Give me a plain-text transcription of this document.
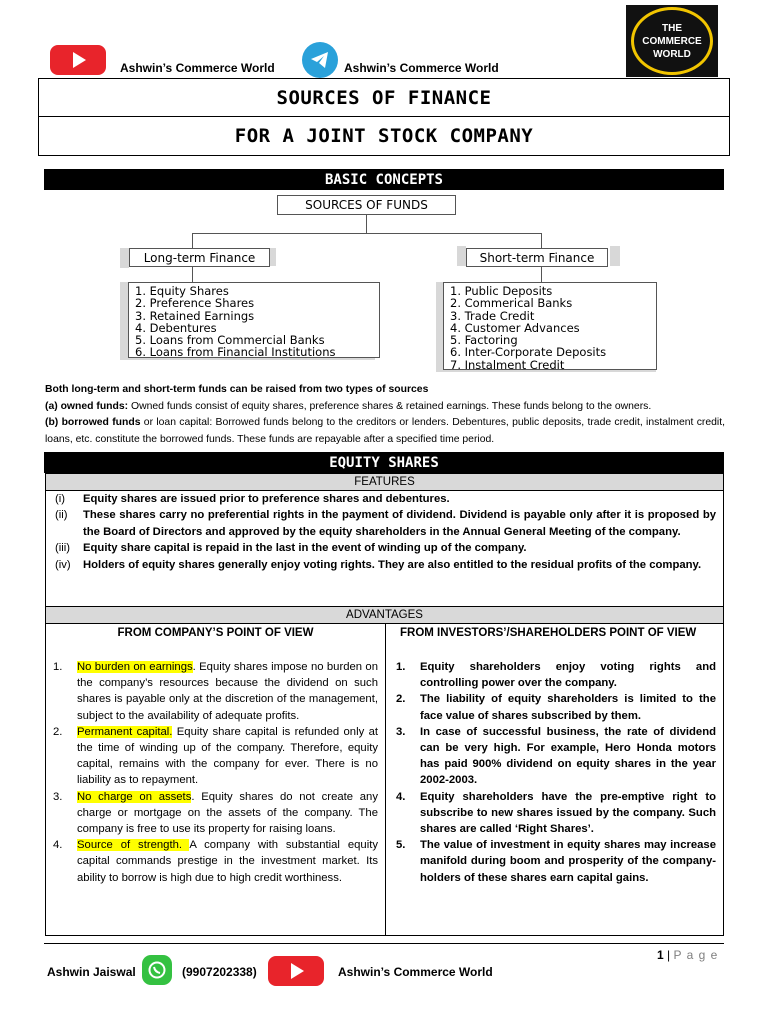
Ashwin’s Commerce World	Ashwin’s Commerce World
THE
COMMERCE
WORLD
SOURCES OF FINANCE
FOR A JOINT STOCK COMPANY
BASIC CONCEPTS
SOURCES OF FUNDS
Long-term Finance	Short-term Finance
1. Equity Shares
2. Preference Shares
3. Retained Earnings
4. Debentures
5. Loans from Commercial Banks
6. Loans from Financial Institutions
1. Public Deposits
2. Commerical Banks
3. Trade Credit
4. Customer Advances
5. Factoring
6. Inter-Corporate Deposits
7. Instalment Credit
Both long-term and short-term funds can be raised from two types of sources
(a) owned funds: Owned funds consist of equity shares, preference shares & retained earnings. These funds belong to the owners.
(b) borrowed funds or loan capital: Borrowed funds belong to the creditors or lenders. Debentures, public deposits, trade credit, instalment credit, loans, etc. constitute the borrowed funds. These funds are repayable after a specified time period.
EQUITY SHARES
FEATURES
(i)	Equity shares are issued prior to preference shares and debentures.
(ii)	These shares carry no preferential rights in the payment of dividend. Dividend is payable only after it is proposed by the Board of Directors and approved by the equity shareholders in the Annual General Meeting of the company.
(iii)	Equity share capital is repaid in the last in the event of winding up of the company.
(iv)	Holders of equity shares generally enjoy voting rights. They are also entitled to the residual profits of the company.
ADVANTAGES
FROM COMPANY’S POINT OF VIEW
1.	No burden on earnings. Equity shares impose no burden on the company’s resources because the dividend on such shares is payable only at the discretion of the management, subject to the availability of adequate profits.
2.	Permanent capital. Equity share capital is refunded only at the time of winding up of the company. Therefore, equity capital, remains with the company for ever. There is no liability as to repayment.
3.	No charge on assets. Equity shares do not create any charge or mortgage on the assets of the company. The company is free to use its property for raising loans.
4.	Source of strength. A company with substantial equity capital commands prestige in the investment market. Its ability to borrow is high due to high credit worthiness.
FROM INVESTORS’/SHAREHOLDERS POINT OF VIEW
1.	Equity shareholders enjoy voting rights and controlling power over the company.
2.	The liability of equity shareholders is limited to the face value of shares subscribed by them.
3.	In case of successful business, the rate of dividend can be very high. For example, Hero Honda motors has paid 900% dividend on equity shares in the year 2002-2003.
4.	Equity shareholders have the pre-emptive right to subscribe to new shares issued by the company. Such shares are called ‘Right Shares’.
5.	The value of investment in equity shares may increase manifold during boom and prosperity of the company-holders of these shares earn capital gains.
1 | P a g e
Ashwin Jaiswal	(9907202338)	Ashwin’s Commerce World
